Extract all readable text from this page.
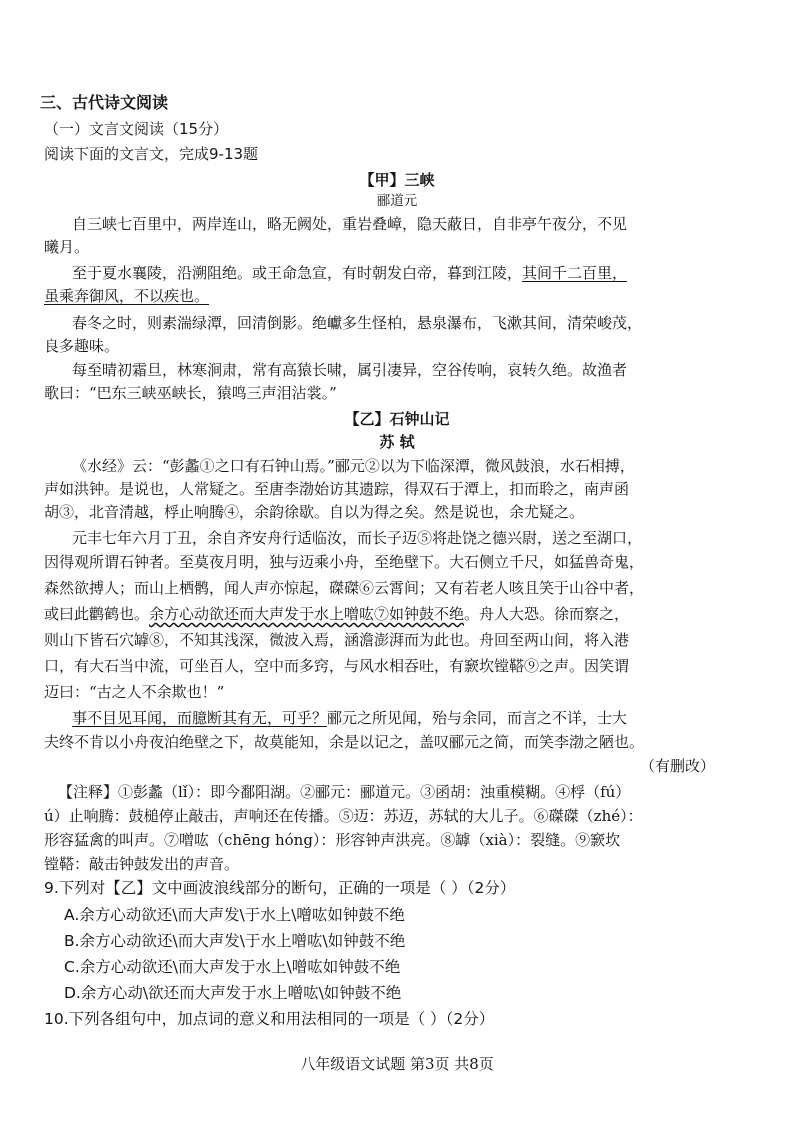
三、古代诗文阅读
（一）文言文阅读（15分）
阅读下面的文言文，完成9-13题
【甲】三峡
郦道元
自三峡七百里中，两岸连山，略无阙处，重岩叠嶂，隐天蔽日，自非亭午夜分，不见
曦月。
至于夏水襄陵，沿溯阻绝。或王命急宣，有时朝发白帝，暮到江陵，其间千二百里，
虽乘奔御风，不以疾也。
春冬之时，则素湍绿潭，回清倒影。绝巘多生怪柏，悬泉瀑布，飞漱其间，清荣峻茂，
良多趣味。
每至晴初霜旦，林寒涧肃，常有高猿长啸，属引凄异，空谷传响，哀转久绝。故渔者
歌曰：“巴东三峡巫峡长，猿鸣三声泪沾裳。”
【乙】石钟山记
苏 轼
《水经》云：“彭蠡①之口有石钟山焉。”郦元②以为下临深潭，微风鼓浪，水石相搏，
声如洪钟。是说也，人常疑之。至唐李渤始访其遗踪，得双石于潭上，扣而聆之，南声函
胡③，北音清越，桴止响腾④，余韵徐歇。自以为得之矣。然是说也，余尤疑之。
元丰七年六月丁丑，余自齐安舟行适临汝，而长子迈⑤将赴饶之德兴尉，送之至湖口，
因得观所谓石钟者。至莫夜月明，独与迈乘小舟，至绝壁下。大石侧立千尺，如猛兽奇鬼，
森然欲搏人；而山上栖鹘，闻人声亦惊起，磔磔⑥云霄间；又有若老人咳且笑于山谷中者，
或曰此鹳鹤也。余方心动欲还而大声发于水上噌吰⑦如钟鼓不绝。舟人大恐。徐而察之，
则山下皆石穴罅⑧，不知其浅深，微波入焉，涵澹澎湃而为此也。舟回至两山间，将入港
口，有大石当中流，可坐百人，空中而多窍，与风水相吞吐，有窾坎镗鞳⑨之声。因笑谓
迈曰：“古之人不余欺也！”
事不目见耳闻，而臆断其有无，可乎？郦元之所见闻，殆与余同，而言之不详，士大
夫终不肯以小舟夜泊绝壁之下，故莫能知，余是以记之，盖叹郦元之简，而笑李渤之陋也。
（有删改）
【注释】①彭蠡（lǐ）：即今鄱阳湖。②郦元：郦道元。③函胡：浊重模糊。④桴（fú）
ú）止响腾：鼓槌停止敲击，声响还在传播。⑤迈：苏迈，苏轼的大儿子。⑥磔磔（zhé）：
形容猛禽的叫声。⑦噌吰（chēng hóng）：形容钟声洪亮。⑧罅（xià）：裂缝。⑨窾坎
镗鞳：敲击钟鼓发出的声音。
9.下列对【乙】文中画波浪线部分的断句，正确的一项是（ ）（2分）
A.余方心动欲还\而大声发\于水上\噌吰如钟鼓不绝
B.余方心动欲还\而大声发\于水上噌吰\如钟鼓不绝
C.余方心动欲还\而大声发于水上\噌吰如钟鼓不绝
D.余方心动\欲还而大声发于水上噌吰\如钟鼓不绝
10.下列各组句中，加点词的意义和用法相同的一项是（ ）（2分）
八年级语文试题 第3页 共8页
